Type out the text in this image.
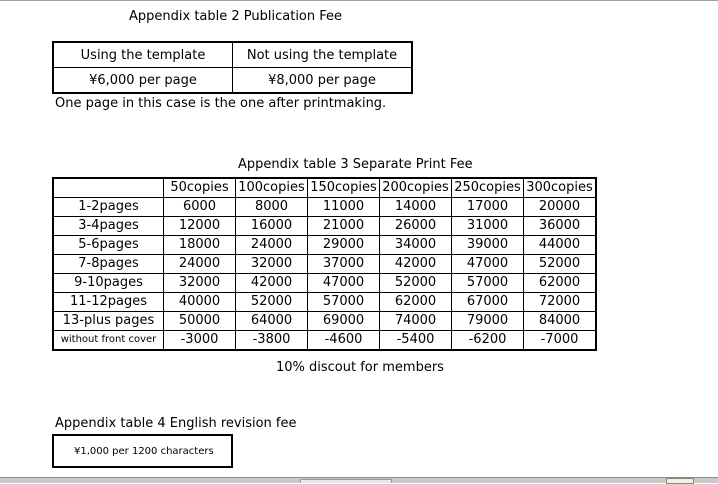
Appendix table 2 Publication Fee
Using the template	Not using the template
¥6,000 per page	¥8,000 per page
One page in this case is the one after printmaking.
Appendix table 3 Separate Print Fee
	50copies	100copies	150copies	200copies	250copies	300copies
1-2pages	6000	8000	11000	14000	17000	20000
3-4pages	12000	16000	21000	26000	31000	36000
5-6pages	18000	24000	29000	34000	39000	44000
7-8pages	24000	32000	37000	42000	47000	52000
9-10pages	32000	42000	47000	52000	57000	62000
11-12pages	40000	52000	57000	62000	67000	72000
13-plus pages	50000	64000	69000	74000	79000	84000
without front cover	-3000	-3800	-4600	-5400	-6200	-7000
10% discout for members
Appendix table 4 English revision fee
¥1,000 per 1200 characters
